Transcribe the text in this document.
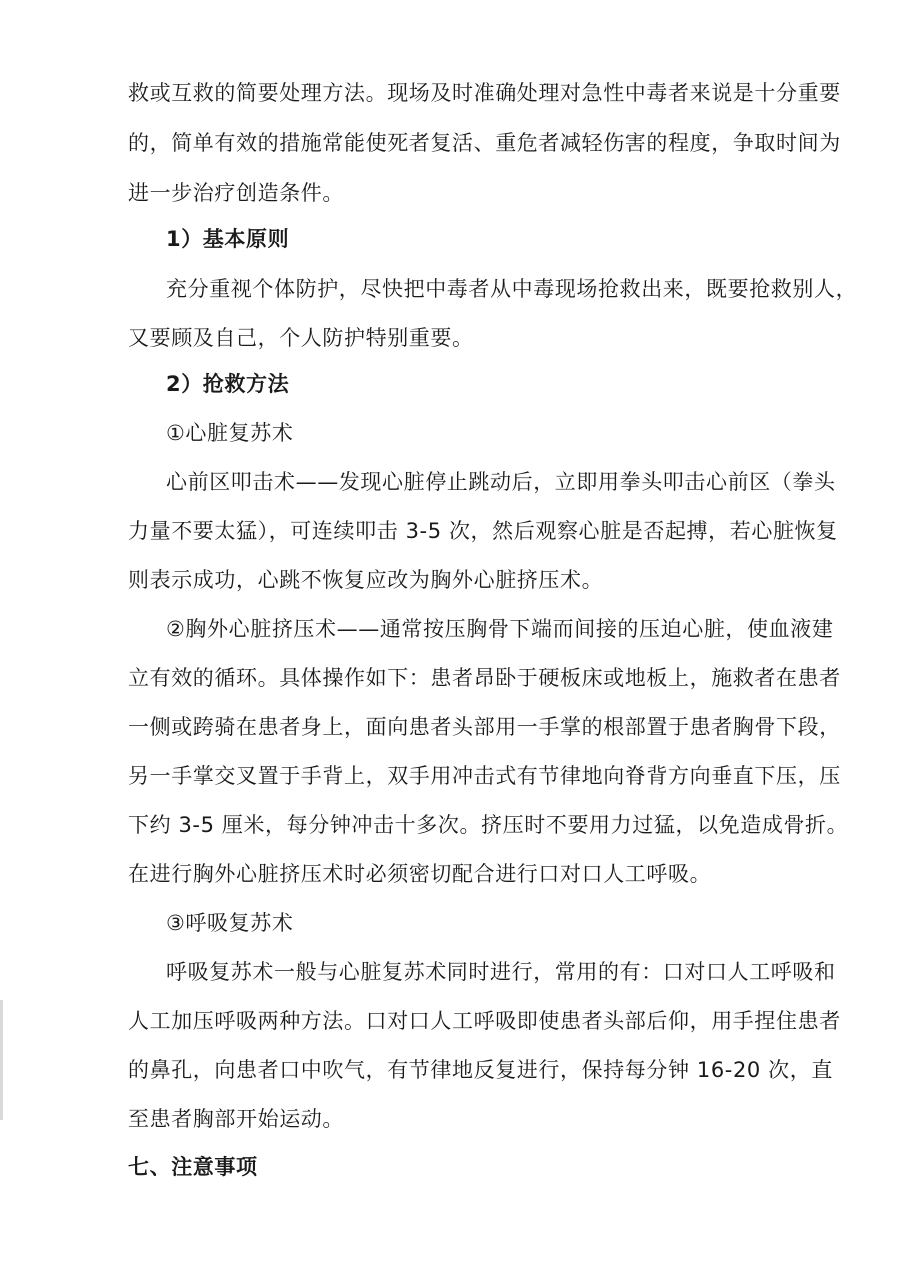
救或互救的简要处理方法。现场及时准确处理对急性中毒者来说是十分重要
的，简单有效的措施常能使死者复活、重危者减轻伤害的程度，争取时间为
进一步治疗创造条件。
1）基本原则
充分重视个体防护，尽快把中毒者从中毒现场抢救出来，既要抢救别人，
又要顾及自己，个人防护特别重要。
2）抢救方法
①心脏复苏术
心前区叩击术——发现心脏停止跳动后，立即用拳头叩击心前区（拳头
力量不要太猛），可连续叩击 3-5 次，然后观察心脏是否起搏，若心脏恢复
则表示成功，心跳不恢复应改为胸外心脏挤压术。
②胸外心脏挤压术——通常按压胸骨下端而间接的压迫心脏，使血液建
立有效的循环。具体操作如下：患者昂卧于硬板床或地板上，施救者在患者
一侧或跨骑在患者身上，面向患者头部用一手掌的根部置于患者胸骨下段，
另一手掌交叉置于手背上，双手用冲击式有节律地向脊背方向垂直下压，压
下约 3-5 厘米，每分钟冲击十多次。挤压时不要用力过猛，以免造成骨折。
在进行胸外心脏挤压术时必须密切配合进行口对口人工呼吸。
③呼吸复苏术
呼吸复苏术一般与心脏复苏术同时进行，常用的有：口对口人工呼吸和
人工加压呼吸两种方法。口对口人工呼吸即使患者头部后仰，用手捏住患者
的鼻孔，向患者口中吹气，有节律地反复进行，保持每分钟 16-20 次，直
至患者胸部开始运动。
七、注意事项
